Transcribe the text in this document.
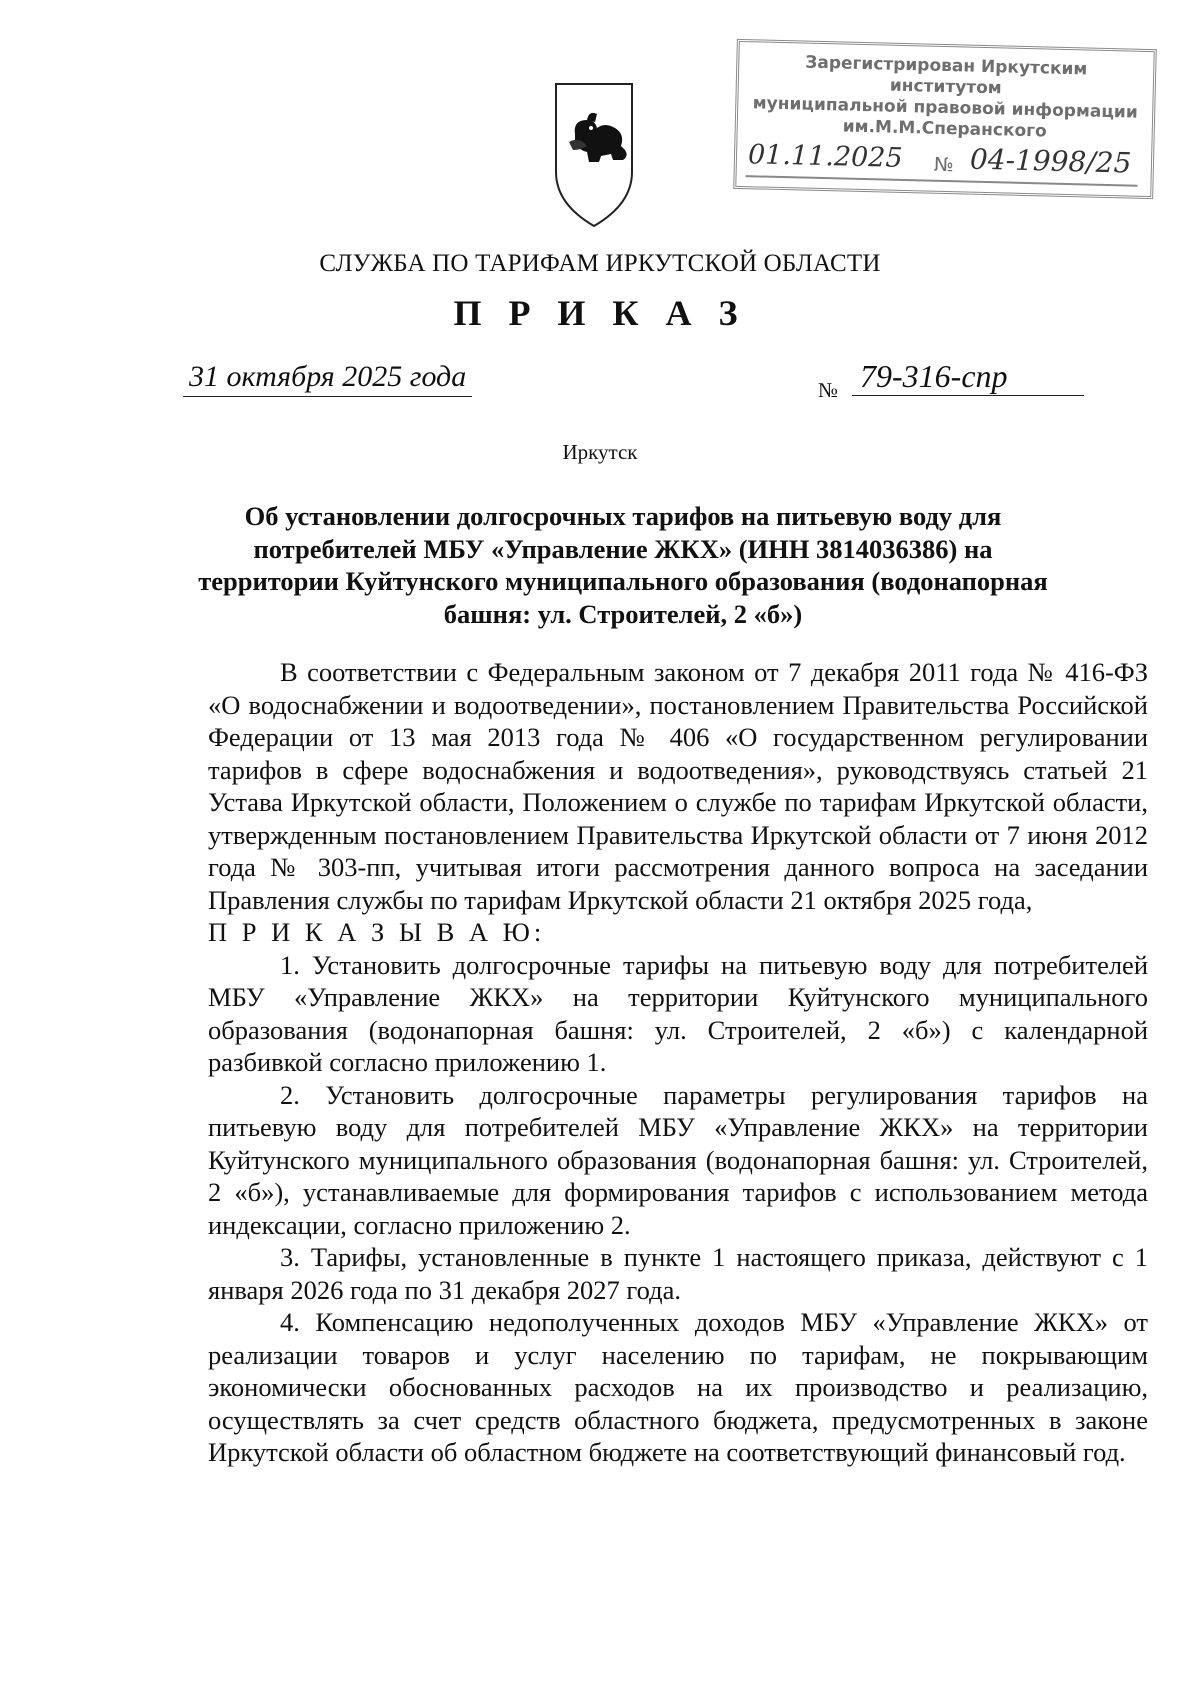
Зарегистрирован Иркутским институтом
муниципальной правовой информации
им.М.М.Сперанского
01.11.2025 № 04-1998/25
СЛУЖБА ПО ТАРИФАМ ИРКУТСКОЙ ОБЛАСТИ
П Р И К А З
31 октября 2025 года	№ 79-316-спр
Иркутск
Об установлении долгосрочных тарифов на питьевую воду для потребителей МБУ «Управление ЖКХ» (ИНН 3814036386) на территории Куйтунского муниципального образования (водонапорная башня: ул. Строителей, 2 «б»)

В соответствии с Федеральным законом от 7 декабря 2011 года № 416-ФЗ «О водоснабжении и водоотведении», постановлением Правительства Российской Федерации от 13 мая 2013 года № 406 «О государственном регулировании тарифов в сфере водоснабжения и водоотведения», руководствуясь статьей 21 Устава Иркутской области, Положением о службе по тарифам Иркутской области, утвержденным постановлением Правительства Иркутской области от 7 июня 2012 года № 303-пп, учитывая итоги рассмотрения данного вопроса на заседании Правления службы по тарифам Иркутской области 21 октября 2025 года,

П Р И К А З Ы В А Ю:

1. Установить долгосрочные тарифы на питьевую воду для потребителей МБУ «Управление ЖКХ» на территории Куйтунского муниципального образования (водонапорная башня: ул. Строителей, 2 «б») с календарной разбивкой согласно приложению 1.

2. Установить долгосрочные параметры регулирования тарифов на питьевую воду для потребителей МБУ «Управление ЖКХ» на территории Куйтунского муниципального образования (водонапорная башня: ул. Строителей, 2 «б»), устанавливаемые для формирования тарифов с использованием метода индексации, согласно приложению 2.

3. Тарифы, установленные в пункте 1 настоящего приказа, действуют с 1 января 2026 года по 31 декабря 2027 года.

4. Компенсацию недополученных доходов МБУ «Управление ЖКХ» от реализации товаров и услуг населению по тарифам, не покрывающим экономически обоснованных расходов на их производство и реализацию, осуществлять за счет средств областного бюджета, предусмотренных в законе Иркутской области об областном бюджете на соответствующий финансовый год.
